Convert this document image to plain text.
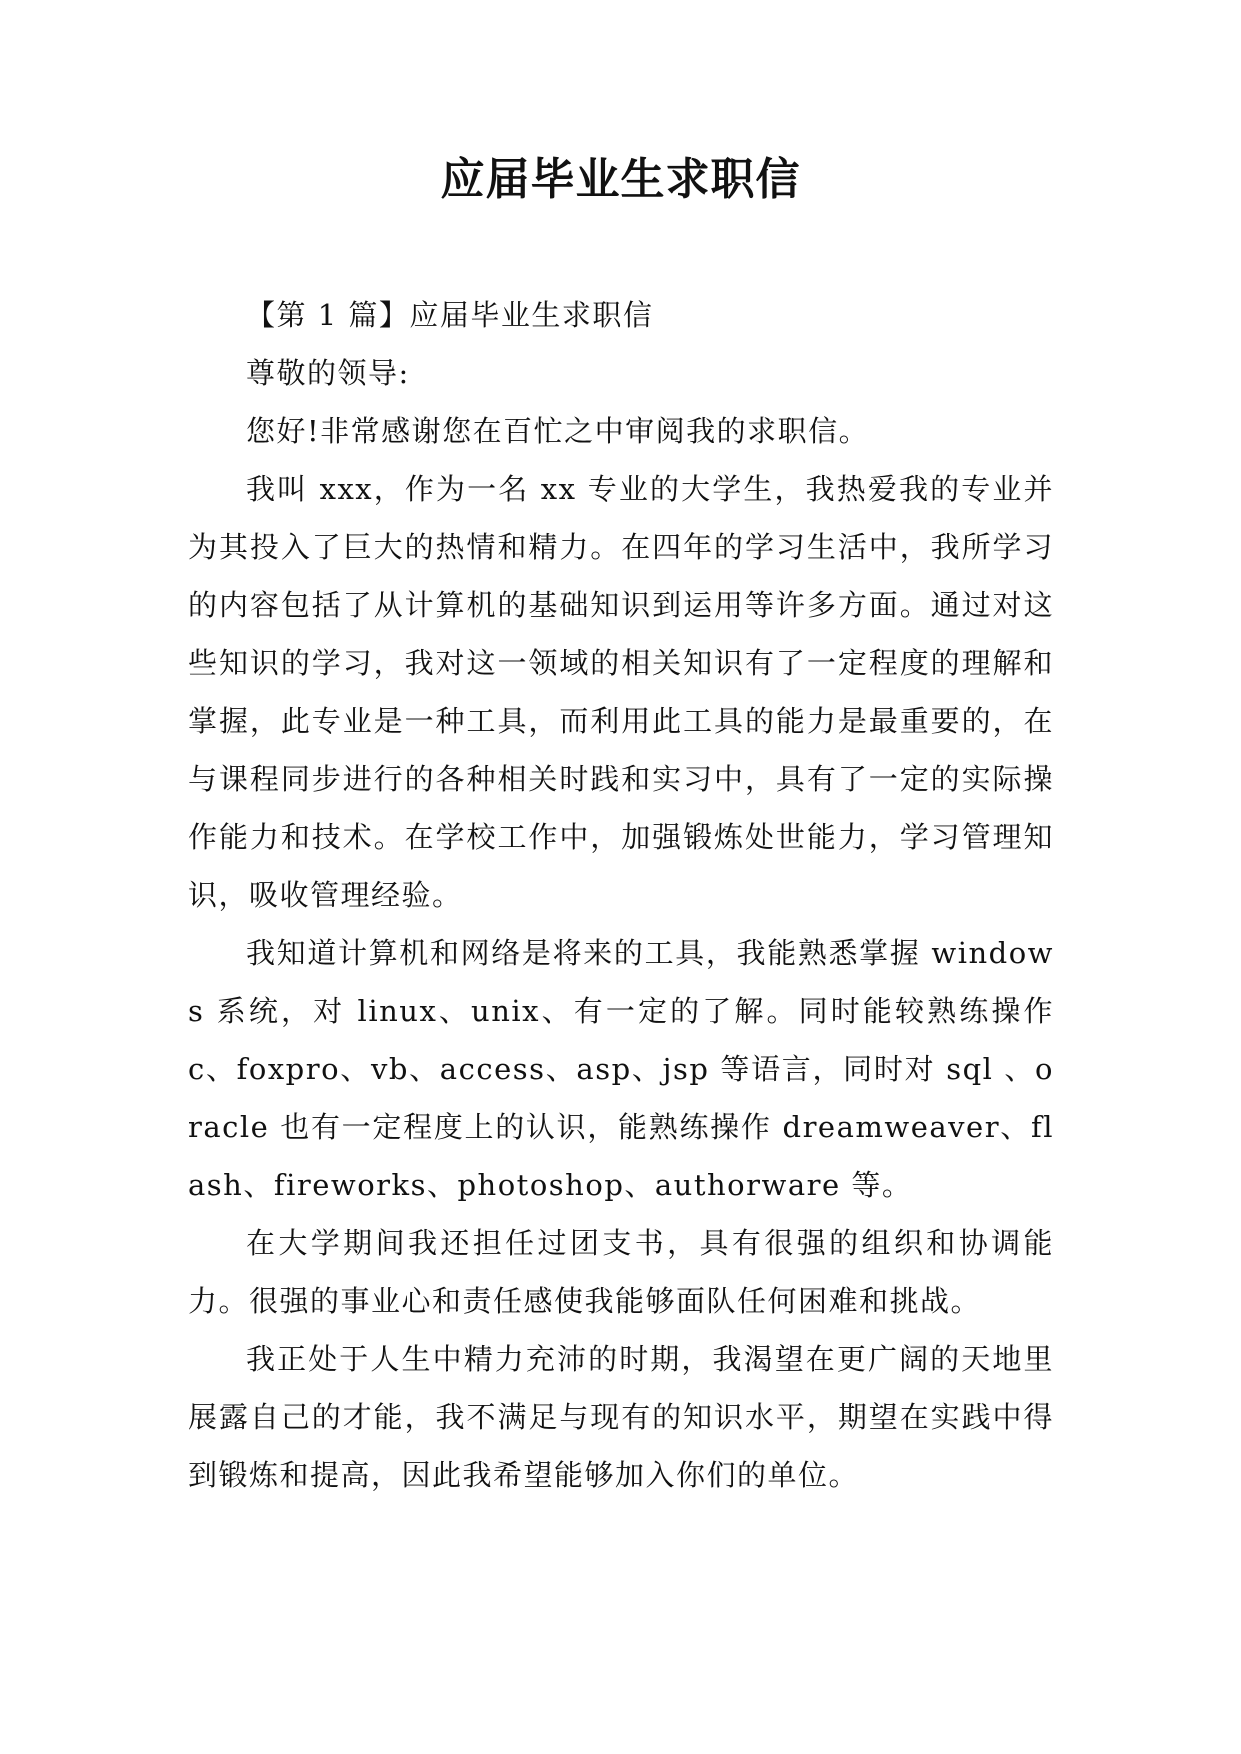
应届毕业生求职信

【第 1 篇】应届毕业生求职信

尊敬的领导:

您好!非常感谢您在百忙之中审阅我的求职信。

我叫 xxx，作为一名 xx 专业的大学生，我热爱我的专业并为其投入了巨大的热情和精力。在四年的学习生活中，我所学习的内容包括了从计算机的基础知识到运用等许多方面。通过对这些知识的学习，我对这一领域的相关知识有了一定程度的理解和掌握，此专业是一种工具，而利用此工具的能力是最重要的，在与课程同步进行的各种相关时践和实习中，具有了一定的实际操作能力和技术。在学校工作中，加强锻炼处世能力，学习管理知识，吸收管理经验。

我知道计算机和网络是将来的工具，我能熟悉掌握 windows 系统，对 linux、unix、有一定的了解。同时能较熟练操作 c、foxpro、vb、access、asp、jsp 等语言，同时对 sql 、oracle 也有一定程度上的认识，能熟练操作 dreamweaver、flash、fireworks、photoshop、authorware 等。

在大学期间我还担任过团支书，具有很强的组织和协调能力。很强的事业心和责任感使我能够面队任何困难和挑战。

我正处于人生中精力充沛的时期，我渴望在更广阔的天地里展露自己的才能，我不满足与现有的知识水平，期望在实践中得到锻炼和提高，因此我希望能够加入你们的单位。
